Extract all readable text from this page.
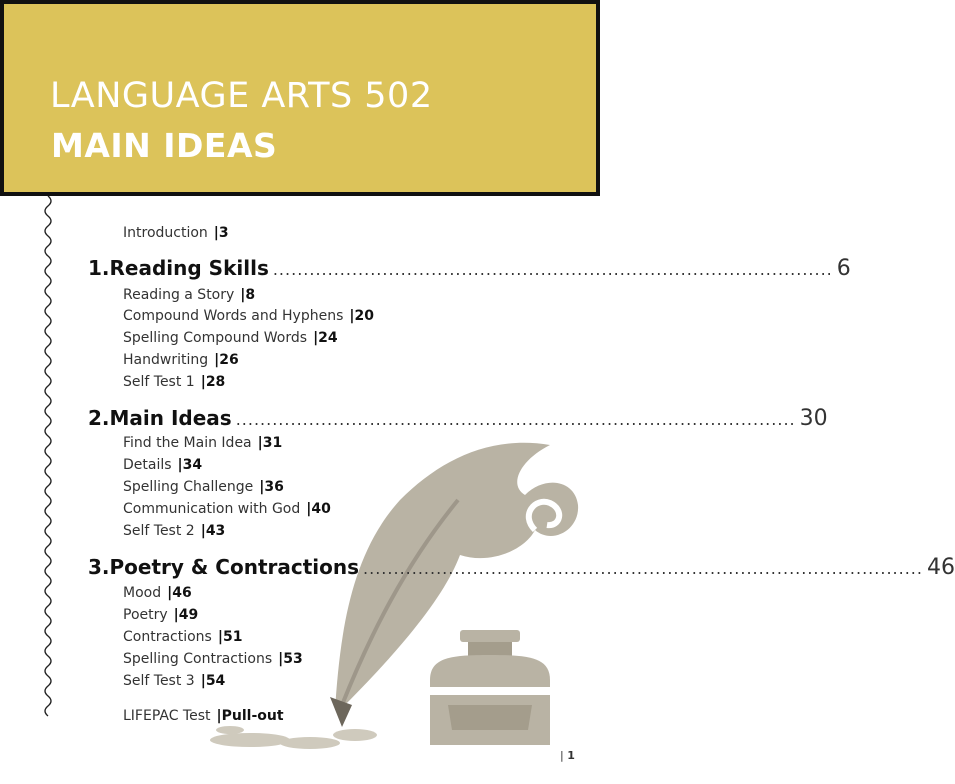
LANGUAGE ARTS 502
MAIN IDEAS
Introduction |3
1. Reading Skills ............................................................................................ 6
Reading a Story |8
Compound Words and Hyphens |20
Spelling Compound Words |24
Handwriting |26
Self Test 1 |28
2. Main Ideas ............................................................................................ 30
Find the Main Idea |31
Details |34
Spelling Challenge |36
Communication with God |40
Self Test 2 |43
3. Poetry & Contractions ............................................................................................ 46
Mood |46
Poetry |49
Contractions |51
Spelling Contractions |53
Self Test 3 |54
LIFEPAC Test |Pull-out
| 1
